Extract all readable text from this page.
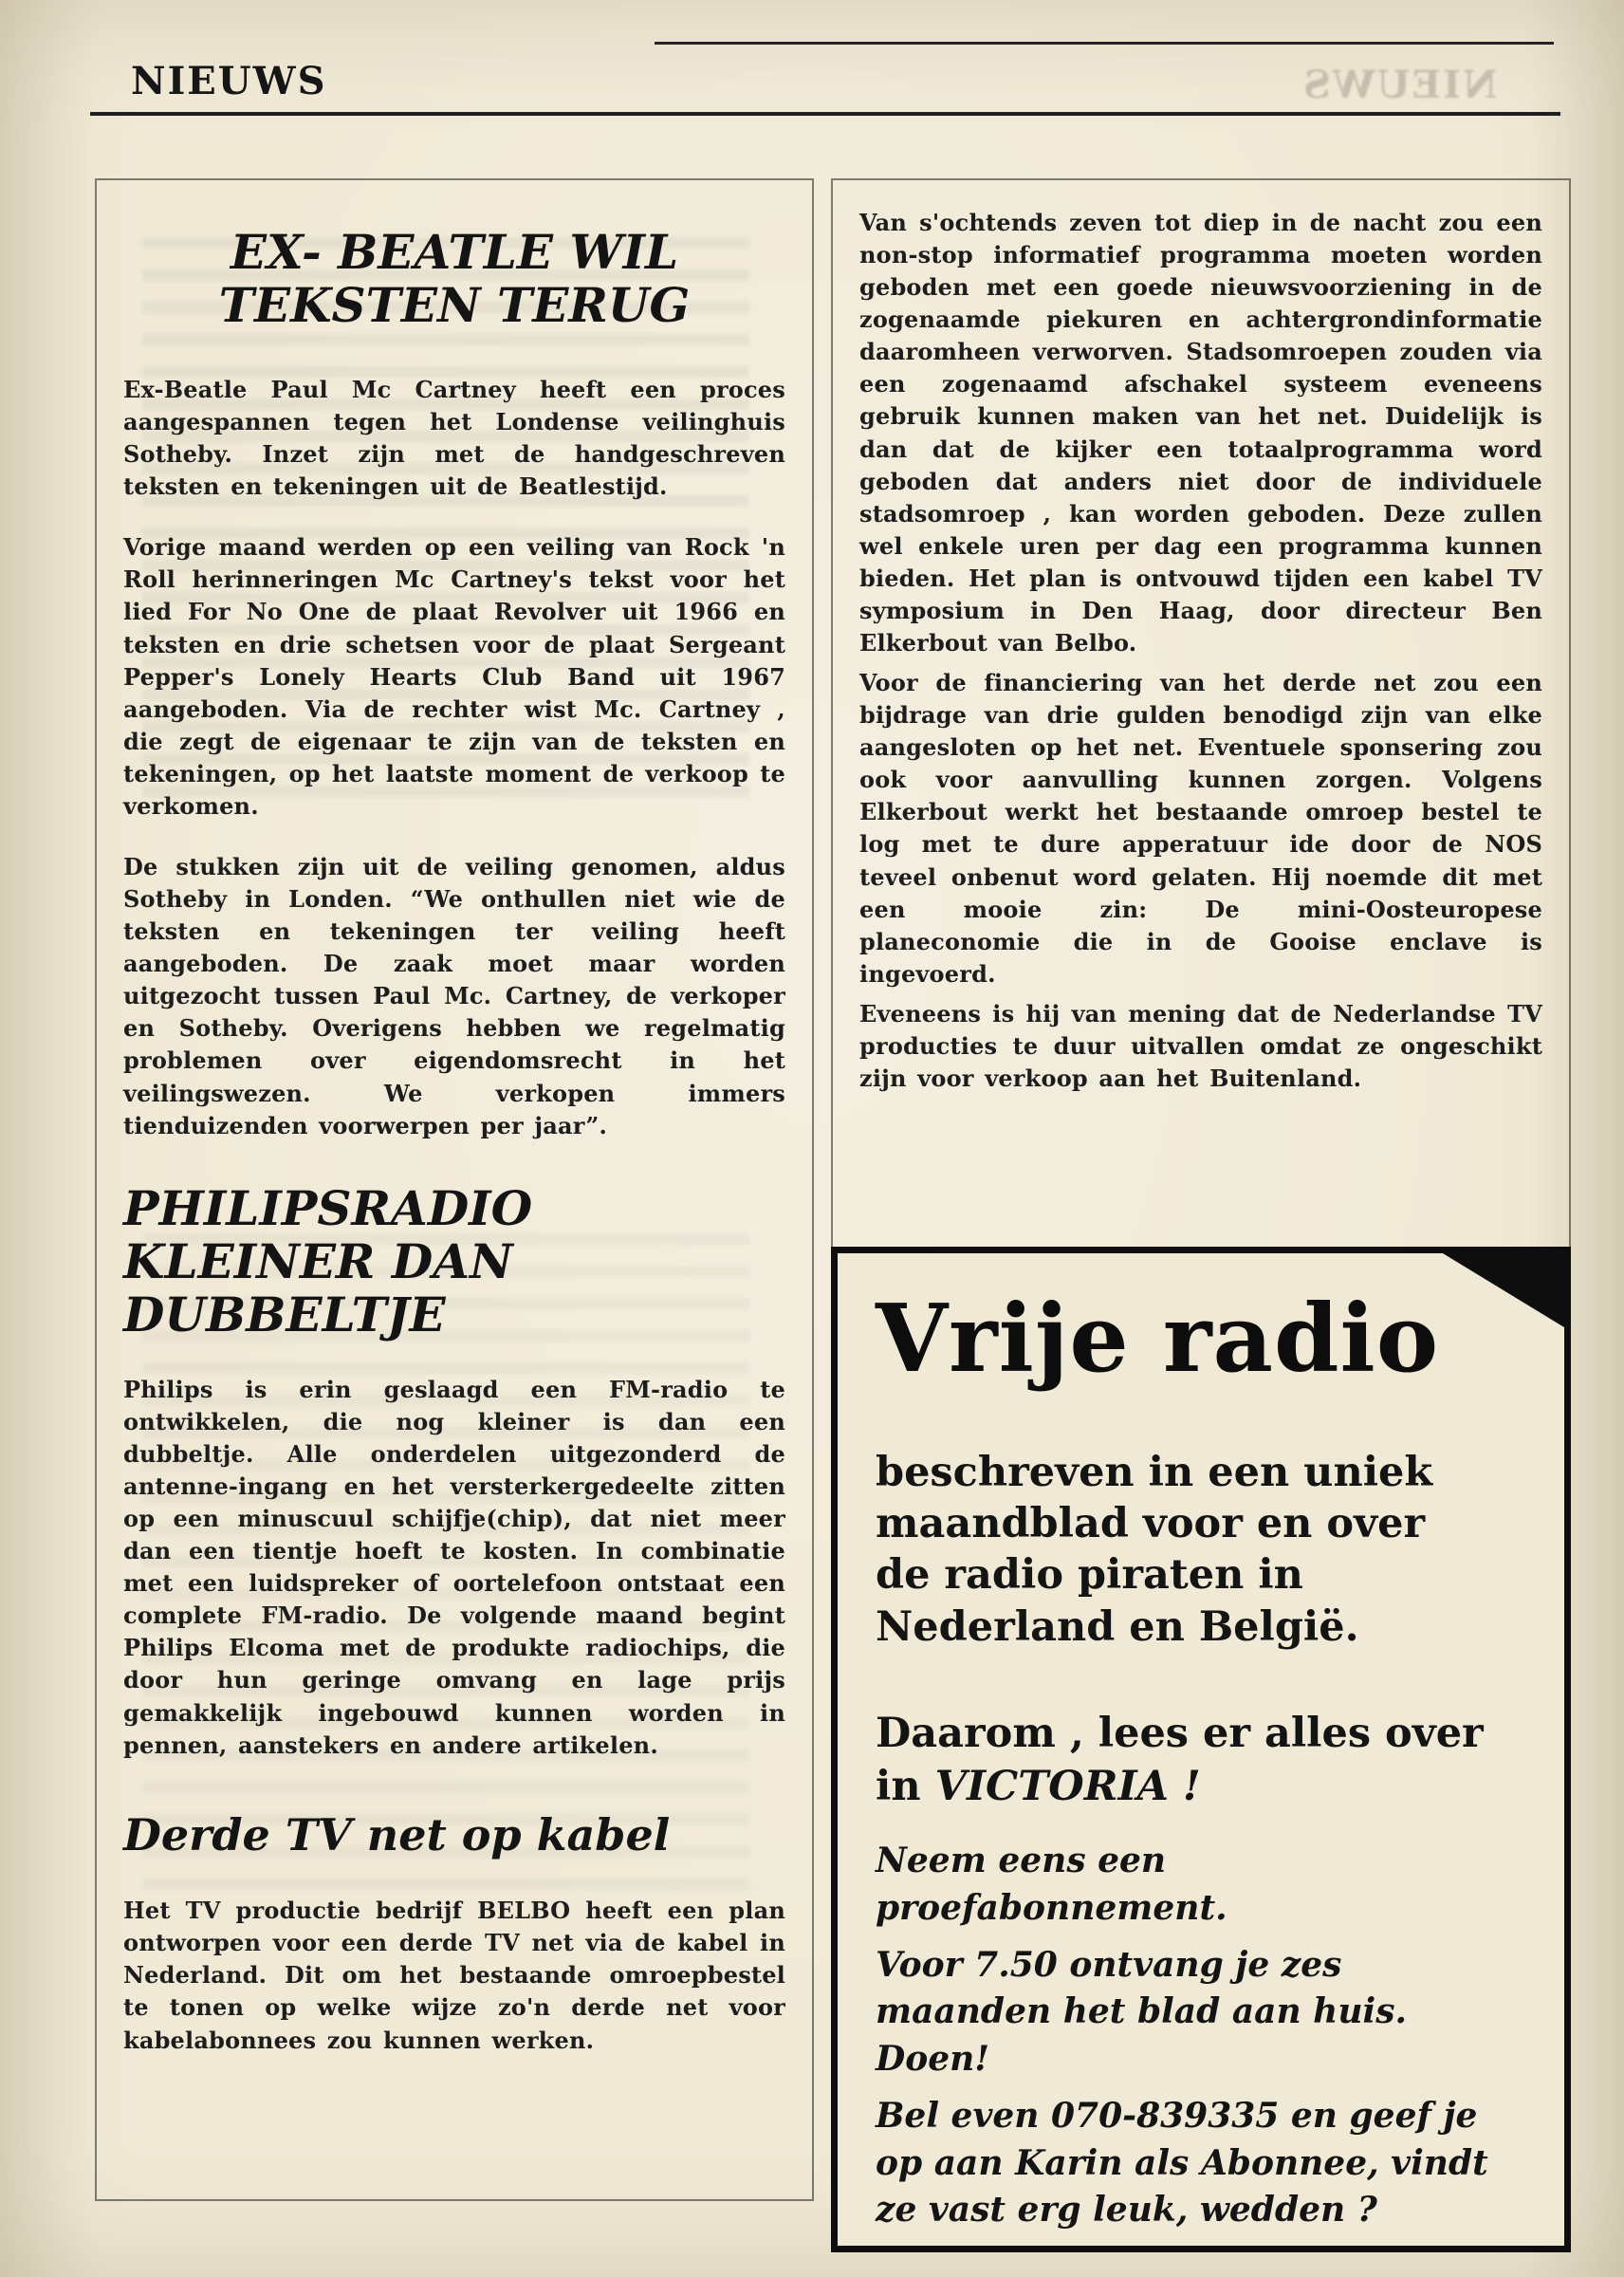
NIEUWS	NIEUWS
EX- BEATLE WIL TEKSTEN TERUG

Ex-Beatle Paul Mc Cartney heeft een proces aangespannen tegen het Londense veilinghuis Sotheby. Inzet zijn met de handgeschreven teksten en tekeningen uit de Beatlestijd.

Vorige maand werden op een veiling van Rock 'n Roll herinneringen Mc Cartney's tekst voor het lied For No One de plaat Revolver uit 1966 en teksten en drie schetsen voor de plaat Sergeant Pepper's Lonely Hearts Club Band uit 1967 aangeboden. Via de rechter wist Mc. Cartney , die zegt de eigenaar te zijn van de teksten en tekeningen, op het laatste moment de verkoop te verkomen.

De stukken zijn uit de veiling genomen, aldus Sotheby in Londen. “We onthullen niet wie de teksten en tekeningen ter veiling heeft aangeboden. De zaak moet maar worden uitgezocht tussen Paul Mc. Cartney, de verkoper en Sotheby. Overigens hebben we regelmatig problemen over eigendomsrecht in het veilingswezen. We verkopen immers tienduizenden voorwerpen per jaar”.

PHILIPSRADIO KLEINER DAN DUBBELTJE

Philips is erin geslaagd een FM-radio te ontwikkelen, die nog kleiner is dan een dubbeltje. Alle onderdelen uitgezonderd de antenne-ingang en het versterkergedeelte zitten op een minuscuul schijfje(chip), dat niet meer dan een tientje hoeft te kosten. In combinatie met een luidspreker of oortelefoon ontstaat een complete FM-radio. De volgende maand begint Philips Elcoma met de produkte radiochips, die door hun geringe omvang en lage prijs gemakkelijk ingebouwd kunnen worden in pennen, aanstekers en andere artikelen.

Derde TV net op kabel

Het TV productie bedrijf BELBO heeft een plan ontworpen voor een derde TV net via de kabel in Nederland. Dit om het bestaande omroepbestel te tonen op welke wijze zo'n derde net voor kabelabonnees zou kunnen werken.

Van s'ochtends zeven tot diep in de nacht zou een non-stop informatief programma moeten worden geboden met een goede nieuwsvoorziening in de zogenaamde piekuren en achtergrondinformatie daaromheen verworven. Stadsomroepen zouden via een zogenaamd afschakel systeem eveneens gebruik kunnen maken van het net. Duidelijk is dan dat de kijker een totaalprogramma word geboden dat anders niet door de individuele stadsomroep , kan worden geboden. Deze zullen wel enkele uren per dag een programma kunnen bieden. Het plan is ontvouwd tijden een kabel TV symposium in Den Haag, door directeur Ben Elkerbout van Belbo.

Voor de financiering van het derde net zou een bijdrage van drie gulden benodigd zijn van elke aangesloten op het net. Eventuele sponsering zou ook voor aanvulling kunnen zorgen. Volgens Elkerbout werkt het bestaande omroep bestel te log met te dure apperatuur ide door de NOS teveel onbenut word gelaten. Hij noemde dit met een mooie zin: De mini-Oosteuropese planeconomie die in de Gooise enclave is ingevoerd.

Eveneens is hij van mening dat de Nederlandse TV producties te duur uitvallen omdat ze ongeschikt zijn voor verkoop aan het Buitenland.

Vrije radio
beschreven in een uniek maandblad voor en over de radio piraten in Nederland en België.
Daarom , lees er alles over in VICTORIA !
Neem eens een proefabonnement.
Voor 7.50 ontvang je zes maanden het blad aan huis. Doen!
Bel even 070-839335 en geef je op aan Karin als Abonnee, vindt ze vast erg leuk, wedden ?
